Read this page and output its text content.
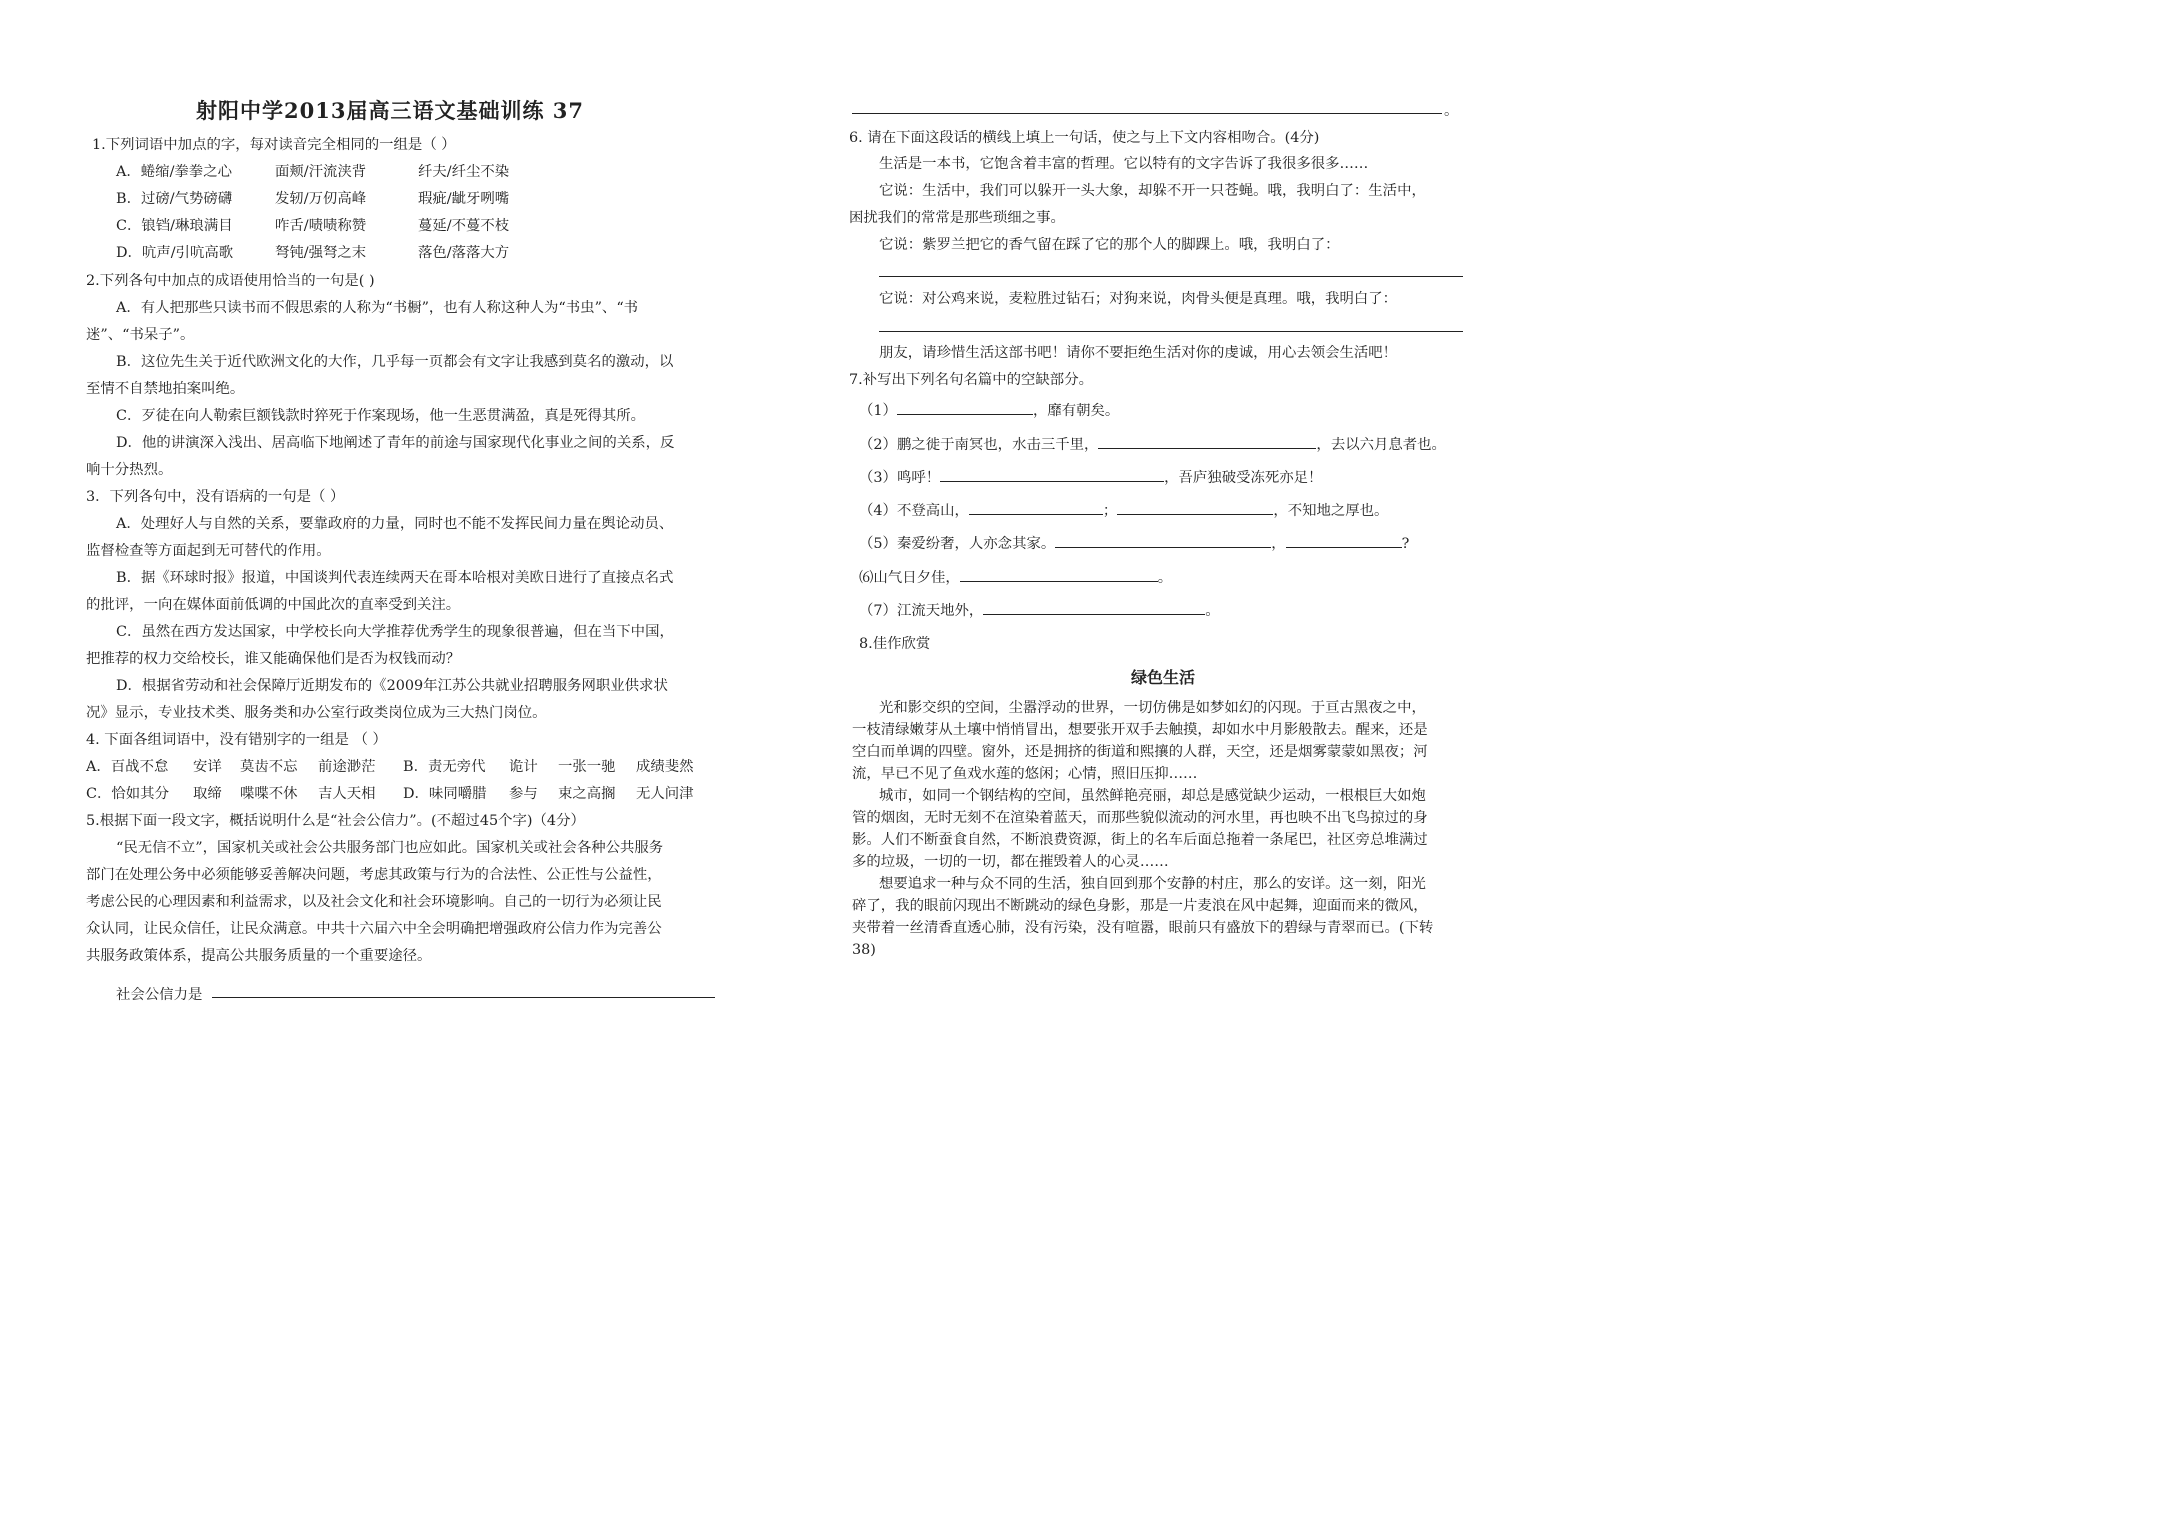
射阳中学2013届高三语文基础训练 37
1.下列词语中加点的字，每对读音完全相同的一组是（ ）
A．蜷缩/拳拳之心	面颊/汗流浃背	纤夫/纤尘不染
B．过磅/气势磅礴	发轫/万仞高峰	瑕疵/龇牙咧嘴
C．锒铛/琳琅满目	咋舌/啧啧称赞	蔓延/不蔓不枝
D．吭声/引吭高歌	弩钝/强弩之末	落色/落落大方
2.下列各句中加点的成语使用恰当的一句是( )
A．有人把那些只读书而不假思索的人称为“书橱”，也有人称这种人为“书虫”、“书
迷”、“书呆子”。
B．这位先生关于近代欧洲文化的大作，几乎每一页都会有文字让我感到莫名的激动，以
至情不自禁地拍案叫绝。
C．歹徒在向人勒索巨额钱款时猝死于作案现场，他一生恶贯满盈，真是死得其所。
D．他的讲演深入浅出、居高临下地阐述了青年的前途与国家现代化事业之间的关系，反
响十分热烈。
3．下列各句中，没有语病的一句是（ ）
A．处理好人与自然的关系，要靠政府的力量，同时也不能不发挥民间力量在舆论动员、
监督检查等方面起到无可替代的作用。
B．据《环球时报》报道，中国谈判代表连续两天在哥本哈根对美欧日进行了直接点名式
的批评，一向在媒体面前低调的中国此次的直率受到关注。
C．虽然在西方发达国家，中学校长向大学推荐优秀学生的现象很普遍，但在当下中国，
把推荐的权力交给校长，谁又能确保他们是否为权钱而动？
D．根据省劳动和社会保障厅近期发布的《2009年江苏公共就业招聘服务网职业供求状
况》显示，专业技术类、服务类和办公室行政类岗位成为三大热门岗位。
4. 下面各组词语中，没有错别字的一组是 （ ）
A．百战不怠 安详 莫齿不忘 前途渺茫 B．责无旁代 诡计 一张一驰 成绩斐然
C．恰如其分 取缔 喋喋不休 吉人天相 D．味同嚼腊 参与 束之高搁 无人问津
5.根据下面一段文字，概括说明什么是“社会公信力”。(不超过45个字)（4分）
“民无信不立”，国家机关或社会公共服务部门也应如此。国家机关或社会各种公共服务
部门在处理公务中必须能够妥善解决问题，考虑其政策与行为的合法性、公正性与公益性，
考虑公民的心理因素和利益需求，以及社会文化和社会环境影响。自己的一切行为必须让民
众认同，让民众信任，让民众满意。中共十六届六中全会明确把增强政府公信力作为完善公
共服务政策体系，提高公共服务质量的一个重要途径。
社会公信力是
。
6. 请在下面这段话的横线上填上一句话，使之与上下文内容相吻合。(4分)
生活是一本书，它饱含着丰富的哲理。它以特有的文字告诉了我很多很多……
它说：生活中，我们可以躲开一头大象，却躲不开一只苍蝇。哦，我明白了：生活中，
困扰我们的常常是那些琐细之事。
它说：紫罗兰把它的香气留在踩了它的那个人的脚踝上。哦，我明白了：
它说：对公鸡来说，麦粒胜过钻石；对狗来说，肉骨头便是真理。哦，我明白了：
朋友，请珍惜生活这部书吧！请你不要拒绝生活对你的虔诚，用心去领会生活吧！
7.补写出下列名句名篇中的空缺部分。
（1）	，靡有朝矣。
（2）鹏之徙于南冥也，水击三千里，	，去以六月息者也。
（3）鸣呼！	，吾庐独破受冻死亦足！
（4）不登高山，	；	，不知地之厚也。
（5）秦爱纷奢，人亦念其家。	，	?
⑹山气日夕佳，	。
（7）江流天地外，	。
8.佳作欣赏
绿色生活
光和影交织的空间，尘嚣浮动的世界，一切仿佛是如梦如幻的闪现。于亘古黑夜之中，
一枝清绿嫩芽从土壤中悄悄冒出，想要张开双手去触摸，却如水中月影般散去。醒来，还是
空白而单调的四壁。窗外，还是拥挤的街道和熙攘的人群，天空，还是烟雾蒙蒙如黑夜；河
流，早已不见了鱼戏水莲的悠闲；心情，照旧压抑……
城市，如同一个钢结构的空间，虽然鲜艳亮丽，却总是感觉缺少运动，一根根巨大如炮
管的烟囱，无时无刻不在渲染着蓝天，而那些貌似流动的河水里，再也映不出飞鸟掠过的身
影。人们不断蚕食自然，不断浪费资源，街上的名车后面总拖着一条尾巴，社区旁总堆满过
多的垃圾，一切的一切，都在摧毁着人的心灵……
想要追求一种与众不同的生活，独自回到那个安静的村庄，那么的安详。这一刻，阳光
碎了，我的眼前闪现出不断跳动的绿色身影，那是一片麦浪在风中起舞，迎面而来的微风，
夹带着一丝清香直透心肺，没有污染，没有喧嚣，眼前只有盛放下的碧绿与青翠而已。(下转
38)
